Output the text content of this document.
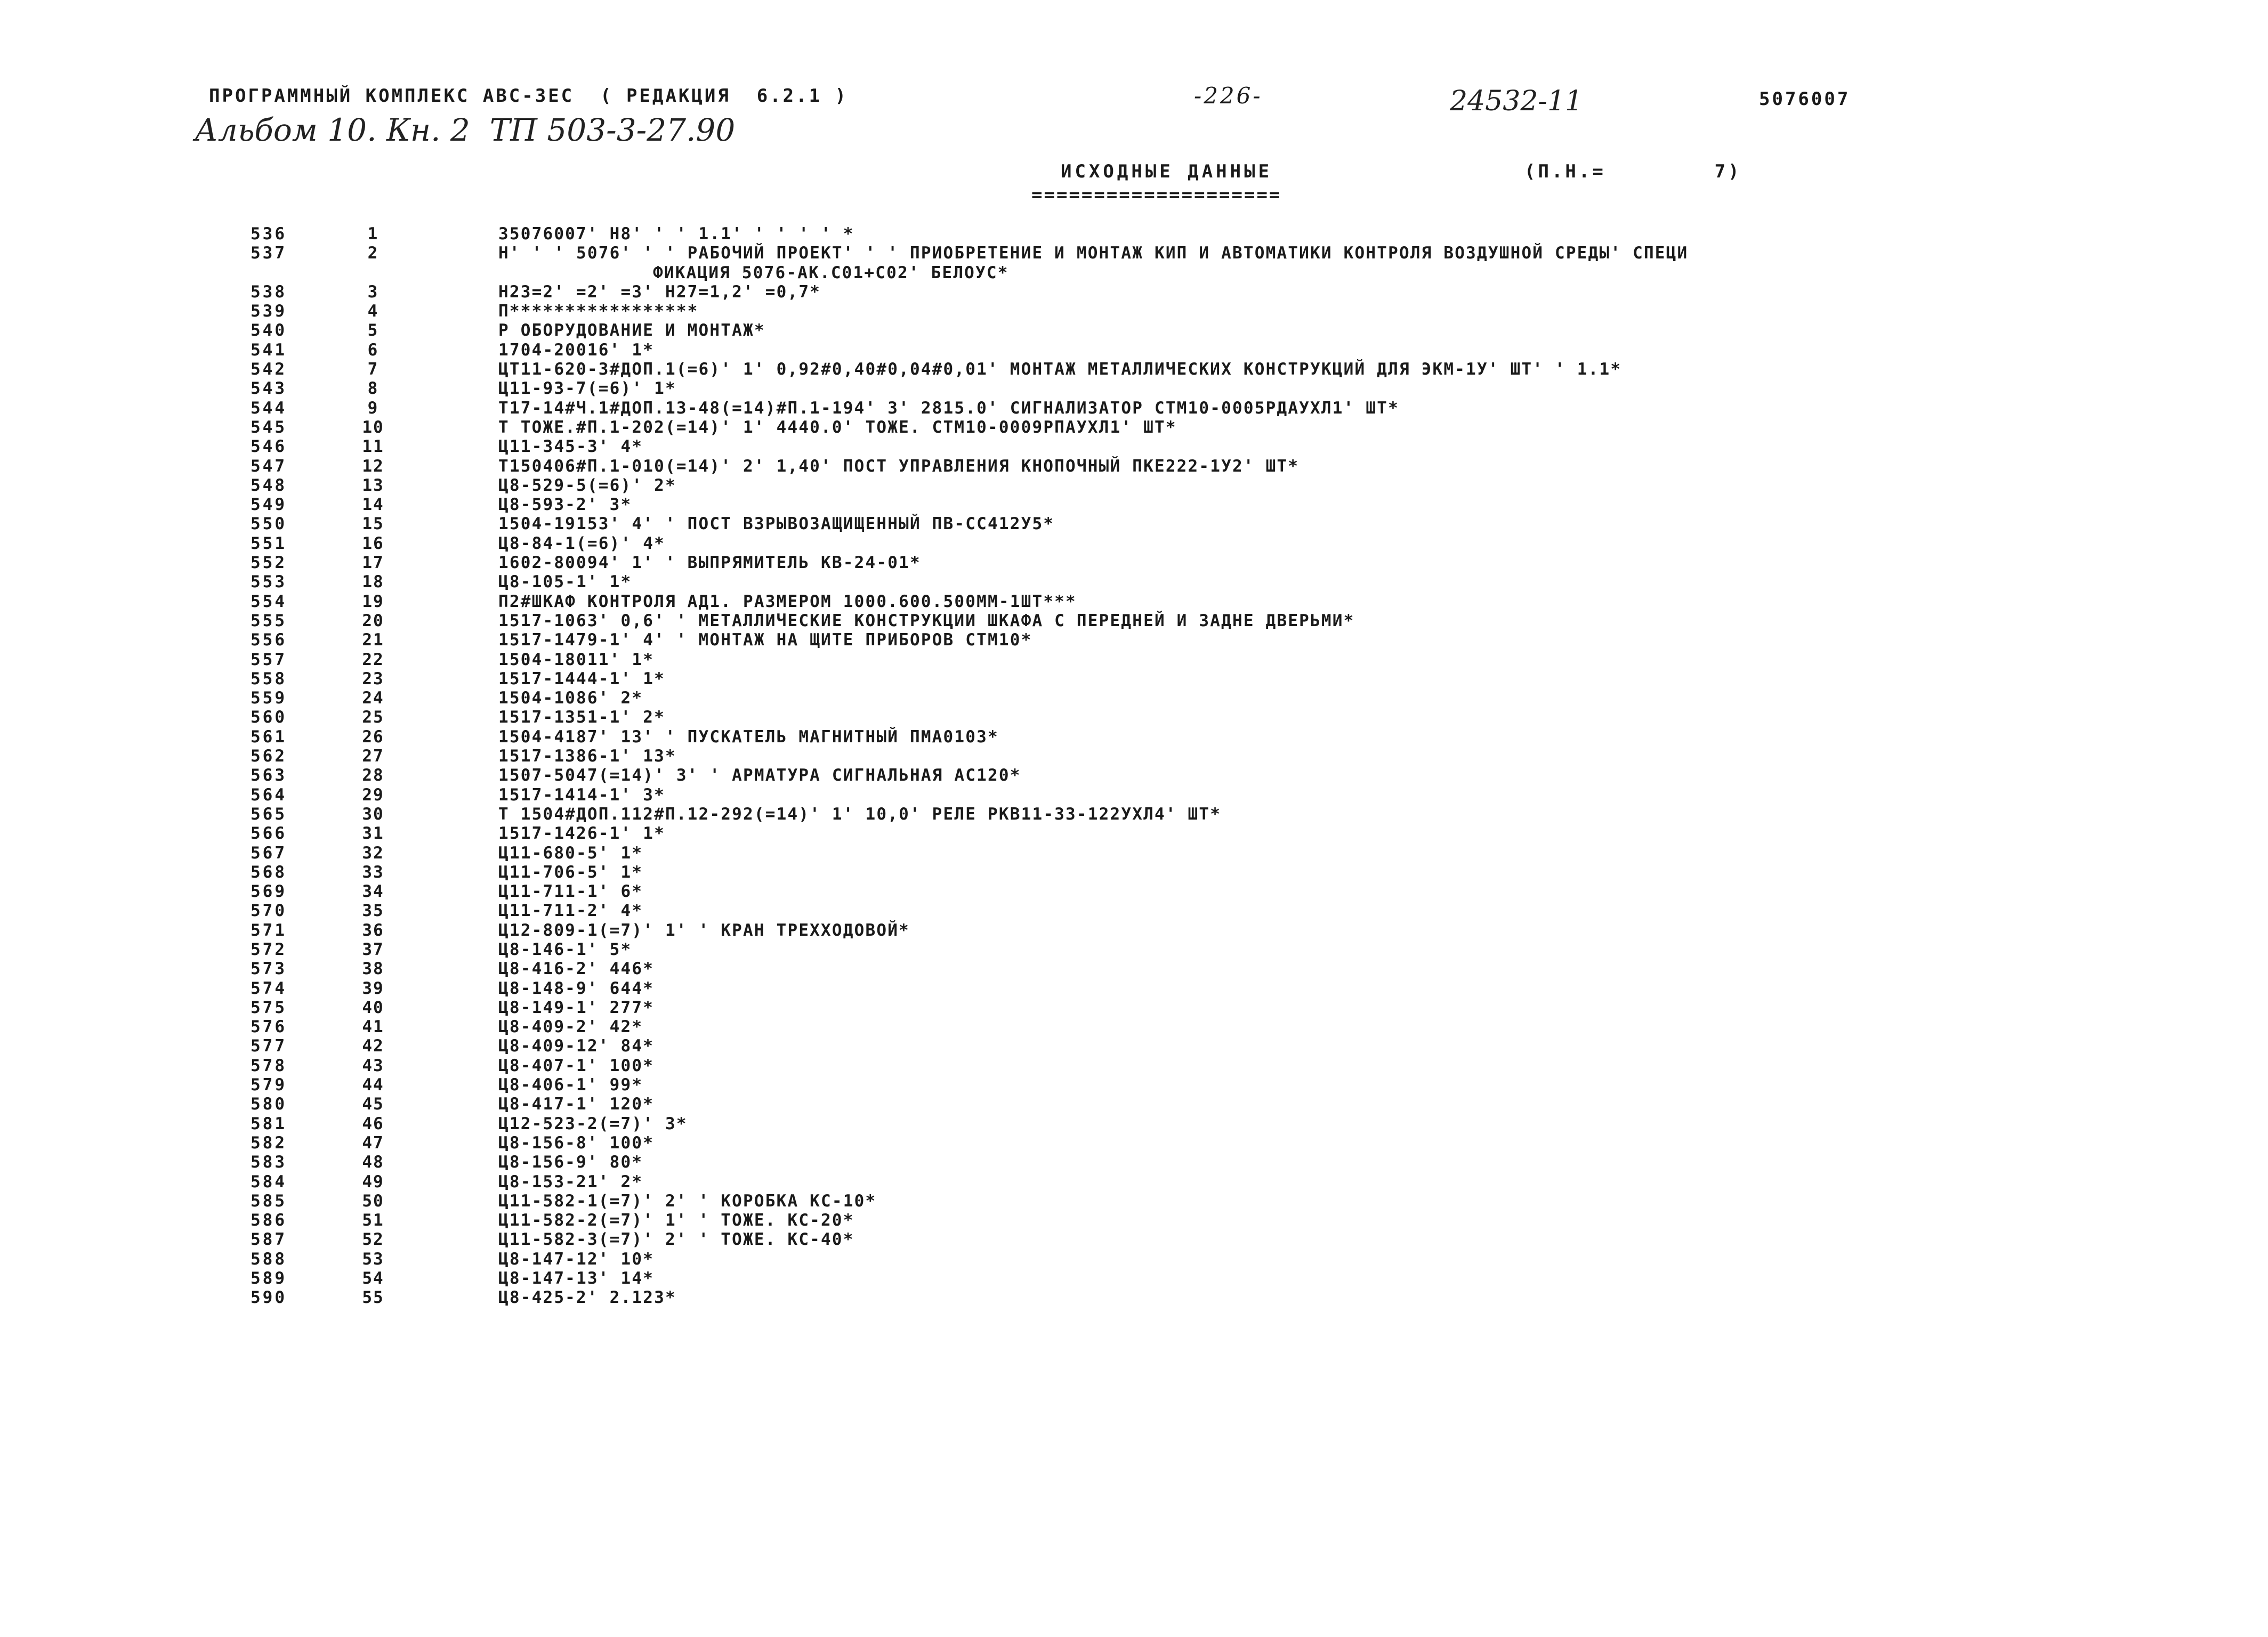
ПРОГРАММНЫЙ КОМПЛЕКС АВС-3ЕС  ( РЕДАКЦИЯ  6.2.1 )	-226-	24532-11	5076007
Альбом 10. Кн. 2  ТП 503-3-27.90
ИСХОДНЫЕ ДАННЫЕ	(П.Н.=        7)
====================
536	1	35076007' Н8' ' ' 1.1' ' ' ' ' *
537	2	Н' ' ' 5076' ' ' РАБОЧИЙ ПРОЕКТ' ' ' ПРИОБРЕТЕНИЕ И МОНТАЖ КИП И АВТОМАТИКИ КОНТРОЛЯ ВОЗДУШНОЙ СРЕДЫ' СПЕЦИ
ФИКАЦИЯ 5076-АК.С01+С02' БЕЛОУС*
538	3	Н23=2' =2' =3' Н27=1,2' =0,7*
539	4	П*****************
540	5	Р ОБОРУДОВАНИЕ И МОНТАЖ*
541	6	1704-20016' 1*
542	7	ЦТ11-620-3#ДОП.1(=6)' 1' 0,92#0,40#0,04#0,01' МОНТАЖ МЕТАЛЛИЧЕСКИХ КОНСТРУКЦИЙ ДЛЯ ЭКМ-1У' ШТ' ' 1.1*
543	8	Ц11-93-7(=6)' 1*
544	9	Т17-14#Ч.1#ДОП.13-48(=14)#П.1-194' 3' 2815.0' СИГНАЛИЗАТОР СТМ10-0005РДАУХЛ1' ШТ*
545	10	Т ТОЖЕ.#П.1-202(=14)' 1' 4440.0' ТОЖЕ. СТМ10-0009РПАУХЛ1' ШТ*
546	11	Ц11-345-3' 4*
547	12	Т150406#П.1-010(=14)' 2' 1,40' ПОСТ УПРАВЛЕНИЯ КНОПОЧНЫЙ ПКЕ222-1У2' ШТ*
548	13	Ц8-529-5(=6)' 2*
549	14	Ц8-593-2' 3*
550	15	1504-19153' 4' ' ПОСТ ВЗРЫВОЗАЩИЩЕННЫЙ ПВ-СС412У5*
551	16	Ц8-84-1(=6)' 4*
552	17	1602-80094' 1' ' ВЫПРЯМИТЕЛЬ КВ-24-01*
553	18	Ц8-105-1' 1*
554	19	П2#ШКАФ КОНТРОЛЯ АД1. РАЗМЕРОМ 1000.600.500ММ-1ШТ***
555	20	1517-1063' 0,6' ' МЕТАЛЛИЧЕСКИЕ КОНСТРУКЦИИ ШКАФА С ПЕРЕДНЕЙ И ЗАДНЕ ДВЕРЬМИ*
556	21	1517-1479-1' 4' ' МОНТАЖ НА ЩИТЕ ПРИБОРОВ СТМ10*
557	22	1504-18011' 1*
558	23	1517-1444-1' 1*
559	24	1504-1086' 2*
560	25	1517-1351-1' 2*
561	26	1504-4187' 13' ' ПУСКАТЕЛЬ МАГНИТНЫЙ ПМА0103*
562	27	1517-1386-1' 13*
563	28	1507-5047(=14)' 3' ' АРМАТУРА СИГНАЛЬНАЯ АС120*
564	29	1517-1414-1' 3*
565	30	Т 1504#ДОП.112#П.12-292(=14)' 1' 10,0' РЕЛЕ РКВ11-33-122УХЛ4' ШТ*
566	31	1517-1426-1' 1*
567	32	Ц11-680-5' 1*
568	33	Ц11-706-5' 1*
569	34	Ц11-711-1' 6*
570	35	Ц11-711-2' 4*
571	36	Ц12-809-1(=7)' 1' ' КРАН ТРЕХХОДОВОЙ*
572	37	Ц8-146-1' 5*
573	38	Ц8-416-2' 446*
574	39	Ц8-148-9' 644*
575	40	Ц8-149-1' 277*
576	41	Ц8-409-2' 42*
577	42	Ц8-409-12' 84*
578	43	Ц8-407-1' 100*
579	44	Ц8-406-1' 99*
580	45	Ц8-417-1' 120*
581	46	Ц12-523-2(=7)' 3*
582	47	Ц8-156-8' 100*
583	48	Ц8-156-9' 80*
584	49	Ц8-153-21' 2*
585	50	Ц11-582-1(=7)' 2' ' КОРОБКА КС-10*
586	51	Ц11-582-2(=7)' 1' ' ТОЖЕ. КС-20*
587	52	Ц11-582-3(=7)' 2' ' ТОЖЕ. КС-40*
588	53	Ц8-147-12' 10*
589	54	Ц8-147-13' 14*
590	55	Ц8-425-2' 2.123*
